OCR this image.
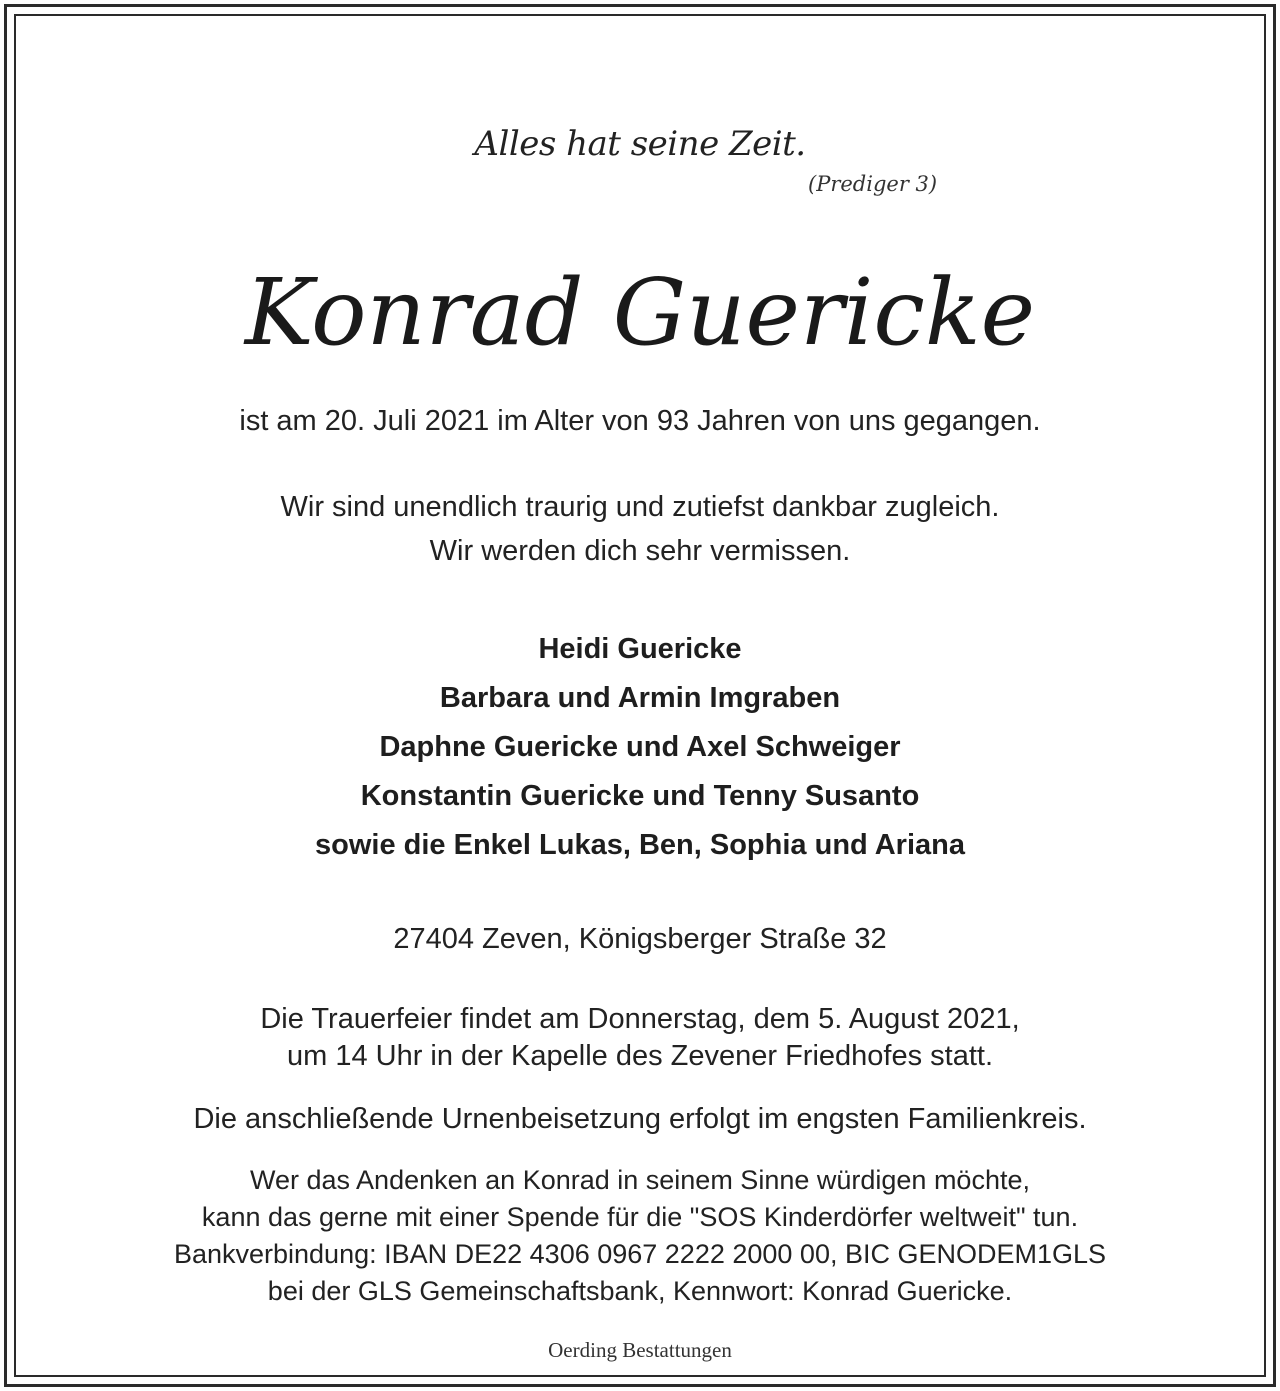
Alles hat seine Zeit.
(Prediger 3)
Konrad Guericke
ist am 20. Juli 2021 im Alter von 93 Jahren von uns gegangen.
Wir sind unendlich traurig und zutiefst dankbar zugleich.
Wir werden dich sehr vermissen.
Heidi Guericke
Barbara und Armin Imgraben
Daphne Guericke und Axel Schweiger
Konstantin Guericke und Tenny Susanto
sowie die Enkel Lukas, Ben, Sophia und Ariana
27404 Zeven, Königsberger Straße 32
Die Trauerfeier findet am Donnerstag, dem 5. August 2021,
um 14 Uhr in der Kapelle des Zevener Friedhofes statt.
Die anschließende Urnenbeisetzung erfolgt im engsten Familienkreis.
Wer das Andenken an Konrad in seinem Sinne würdigen möchte,
kann das gerne mit einer Spende für die "SOS Kinderdörfer weltweit" tun.
Bankverbindung: IBAN DE22 4306 0967 2222 2000 00, BIC GENODEM1GLS
bei der GLS Gemeinschaftsbank, Kennwort: Konrad Guericke.
Oerding Bestattungen
